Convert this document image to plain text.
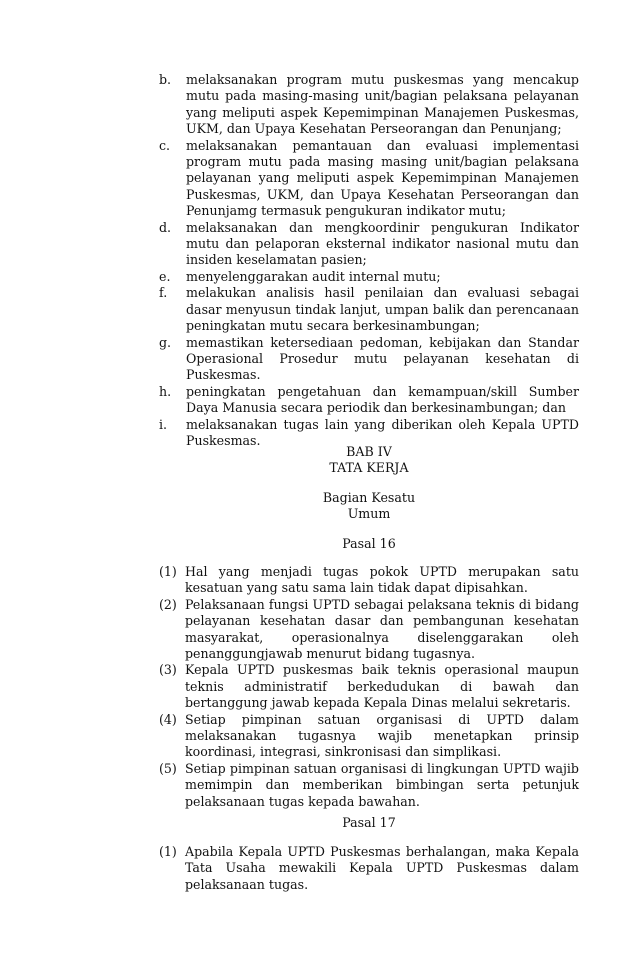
b.	melaksanakan program mutu puskesmas yang mencakup mutu pada masing-masing unit/bagian pelaksana pelayanan yang meliputi aspek Kepemimpinan Manajemen Puskesmas, UKM, dan Upaya Kesehatan Perseorangan dan Penunjang;
c.	melaksanakan pemantauan dan evaluasi implementasi program mutu pada masing masing unit/bagian pelaksana pelayanan yang meliputi aspek Kepemimpinan Manajemen Puskesmas, UKM, dan Upaya Kesehatan Perseorangan dan Penunjamg termasuk pengukuran indikator mutu;
d.	melaksanakan dan mengkoordinir pengukuran Indikator mutu dan pelaporan eksternal indikator nasional mutu dan insiden keselamatan pasien;
e.	menyelenggarakan audit internal mutu;
f.	melakukan analisis hasil penilaian dan evaluasi sebagai dasar menyusun tindak lanjut, umpan balik dan perencanaan peningkatan mutu secara berkesinambungan;
g.	memastikan ketersediaan pedoman, kebijakan dan Standar Operasional Prosedur mutu pelayanan kesehatan di Puskesmas.
h.	peningkatan pengetahuan dan kemampuan/skill Sumber Daya Manusia secara periodik dan berkesinambungan; dan
i.	melaksanakan tugas lain yang diberikan oleh Kepala UPTD Puskesmas.
BAB IV
TATA KERJA
Bagian Kesatu
Umum
Pasal 16
(1) Hal yang menjadi tugas pokok UPTD merupakan satu kesatuan yang satu sama lain tidak dapat dipisahkan.
(2) Pelaksanaan fungsi UPTD sebagai pelaksana teknis di bidang pelayanan kesehatan dasar dan pembangunan kesehatan masyarakat, operasionalnya diselenggarakan oleh penanggungjawab menurut bidang tugasnya.
(3) Kepala UPTD puskesmas baik teknis operasional maupun teknis administratif berkedudukan di bawah dan bertanggung jawab kepada Kepala Dinas melalui sekretaris.
(4) Setiap pimpinan satuan organisasi di UPTD dalam melaksanakan tugasnya wajib menetapkan prinsip koordinasi, integrasi, sinkronisasi dan simplikasi.
(5) Setiap pimpinan satuan organisasi di lingkungan UPTD wajib memimpin dan memberikan bimbingan serta petunjuk pelaksanaan tugas kepada bawahan.
Pasal 17
(1) Apabila Kepala UPTD Puskesmas berhalangan, maka Kepala Tata Usaha mewakili Kepala UPTD Puskesmas dalam pelaksanaan tugas.
